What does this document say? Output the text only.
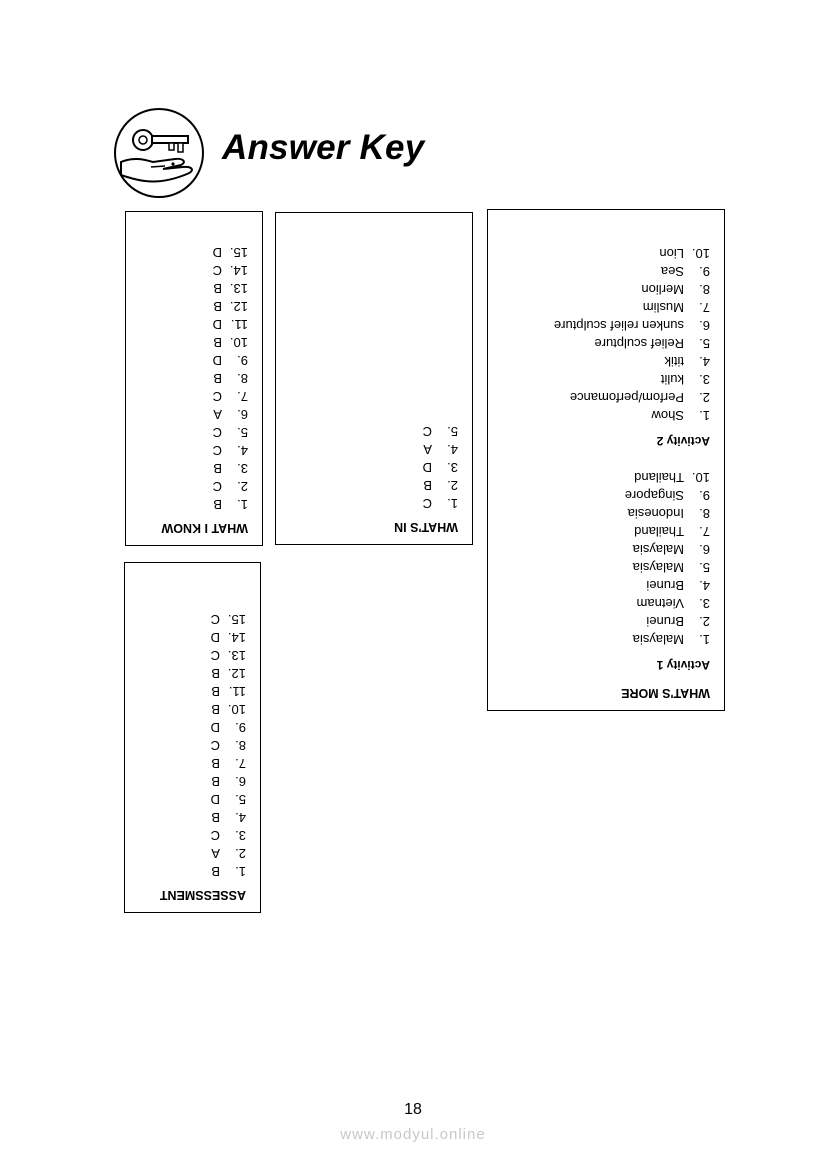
Answer Key
WHAT I KNOW
1.
B
2.
C
3.
B
4.
C
5.
C
6.
A
7.
C
8.
B
9.
D
10.
B
11.
D
12.
B
13.
B
14.
C
15.
D
WHAT'S IN
1.
C
2.
B
3.
D
4.
A
5.
C
WHAT'S MORE
Activity 1
1.
Malaysia
2.
Brunei
3.
Vietnam
4.
Brunei
5.
Malaysia
6.
Malaysia
7.
Thailand
8.
Indonesia
9.
Singapore
10.
Thailand
Activity 2
1.
Show
2.
Perfom/perfomance
3.
kulit
4.
titik
5.
Relief sculpture
6.
sunken relief sculpture
7.
Muslim
8.
Merlion
9.
Sea
10.
Lion
ASSESSMENT
1.
B
2.
A
3.
C
4.
B
5.
D
6.
B
7.
B
8.
C
9.
D
10.
B
11.
B
12.
B
13.
C
14.
D
15.
C
18
www.modyul.online
